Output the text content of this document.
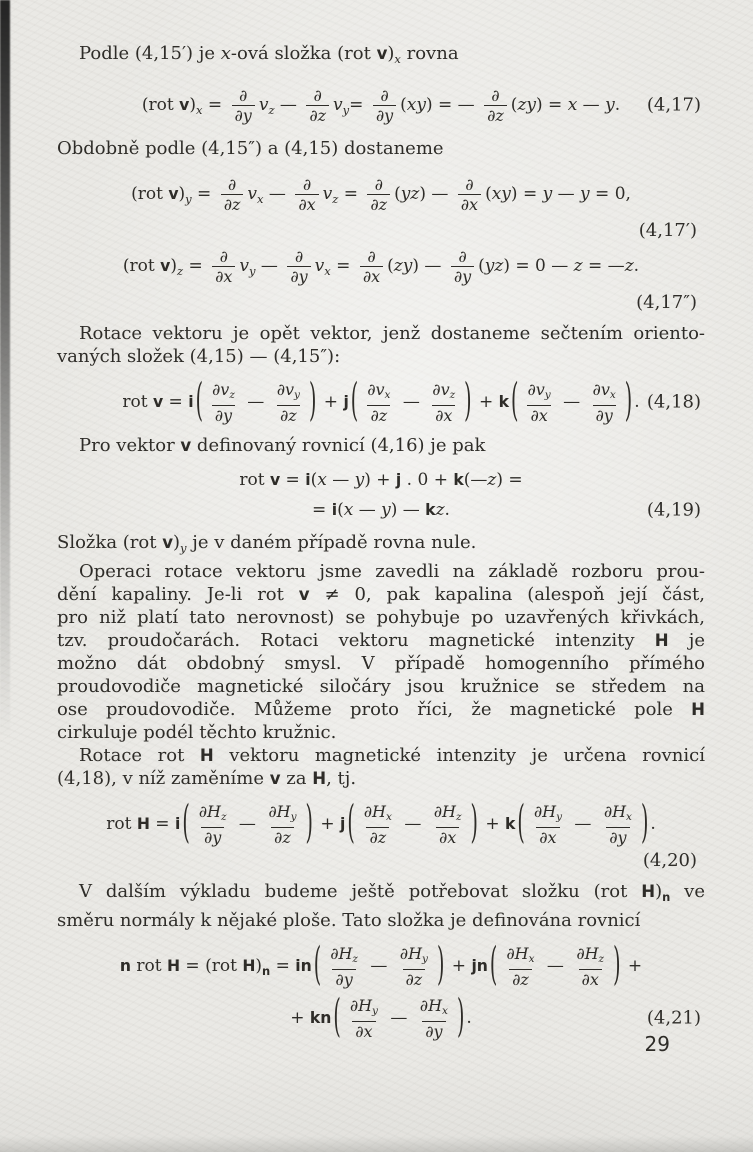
Podle (4,15′) je x-ová složka (rot $v)_x$ rovna
(rot $v)_x$ = ∂
∂y
$v_z$ — ∂
∂z
$v_y=$ ∂
∂y
(xy) = — ∂
∂z
(zy) = x — y. (4,17)
Obdobně podle (4,15″) a (4,15) dostaneme
(rot $v)_y$ = ∂
∂z
$v_x$ — ∂
∂x
$v_z$ = ∂
∂z
(yz) — ∂
∂x
(xy) = y — y = 0,
(4,17′)
(rot $v)_z$ = ∂
∂x
$v_y$ — ∂
∂y
$v_x$ = ∂
∂x
(zy) — ∂
∂y
(yz) = 0 — z = —z.
(4,17″)
Rotace vektoru je opět vektor, jenž dostaneme sečtením oriento-
vaných složek (4,15) — (4,15″):
rot v = i ( $\frac{\partial vz}{\partial y}$ — $\frac{\partial vy}{\partial z}$ ) + j ( $\frac{\partial vx}{\partial z}$ — $\frac{\partial vz}{\partial x}$ ) + k ( $\frac{\partial vy}{\partial x}$ — $\frac{\partial vx}{\partial y}$ ) . (4,18)
Pro vektor v definovaný rovnicí (4,16) je pak
rot v = i(x — y) + j . 0 + k(—z) =
= i(x — y) — kz.	(4,19)
Složka (rot $v)_y$ je v daném případě rovna nule.
Operaci rotace vektoru jsme zavedli na základě rozboru prou-
dění kapaliny. Je-li rot v ≠ 0, pak kapalina (alespoň její část,
pro niž platí tato nerovnost) se pohybuje po uzavřených křivkách,
tzv. proudočarách. Rotaci vektoru magnetické intenzity H je
možno dát obdobný smysl. V případě homogenního přímého
proudovodiče magnetické siločáry jsou kružnice se středem na
ose proudovodiče. Můžeme proto říci, že magnetické pole H
cirkuluje podél těchto kružnic.
Rotace rot H vektoru magnetické intenzity je určena rovnicí
(4,18), v níž zaměníme v za H, tj.
rot H = i ( $\frac{\partial Hz}{\partial y}$ — $\frac{\partial Hy}{\partial z}$ ) + j ( $\frac{\partial Hx}{\partial z}$ — $\frac{\partial Hz}{\partial x}$ ) + k ( $\frac{\partial Hy}{\partial x}$ — $\frac{\partial Hx}{\partial y}$ ) .
(4,20)
V dalším výkladu budeme ještě potřebovat složku (rot $H)_n$ ve
směru normály k nějaké ploše. Tato složka je definována rovnicí
n rot H = (rot $H)_n$ = in ( $\frac{\partial Hz}{\partial y}$ — $\frac{\partial Hy}{\partial z}$ ) + jn ( $\frac{\partial Hx}{\partial z}$ — $\frac{\partial Hz}{\partial x}$ ) +
+ kn ( $\frac{\partial Hy}{\partial x}$ — $\frac{\partial Hx}{\partial y}$ ) .	(4,21)
29
